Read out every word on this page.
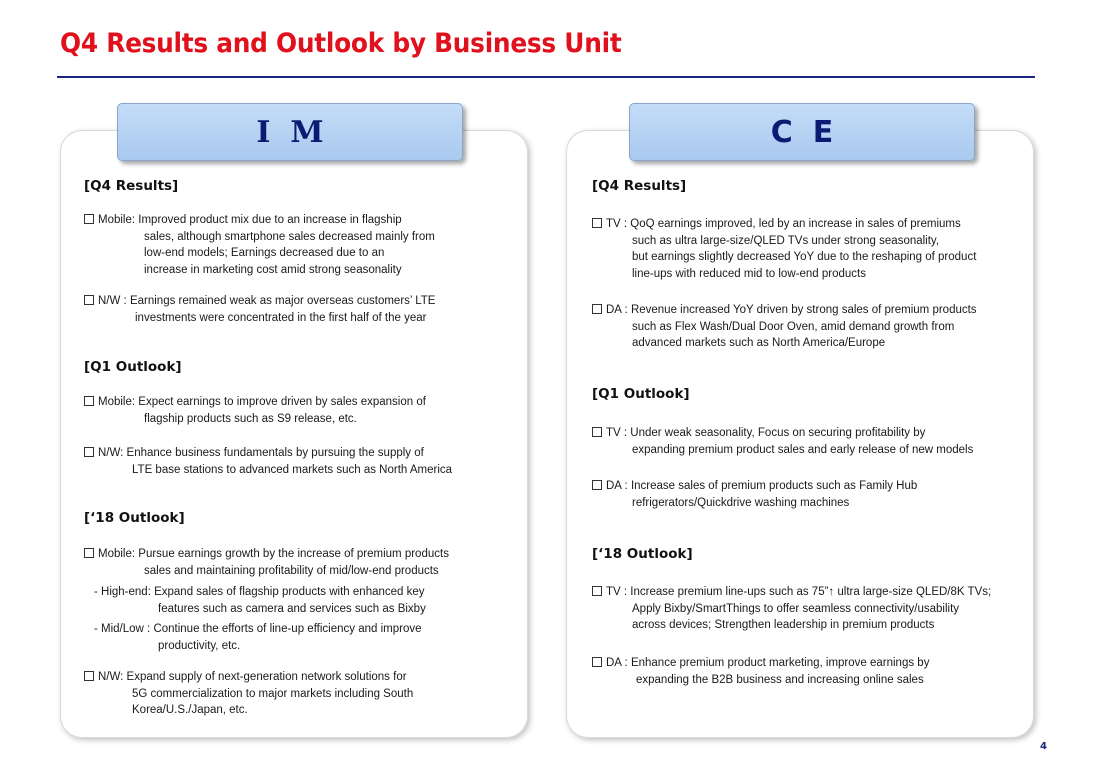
Q4 Results and Outlook by Business Unit
IM	CE
[Q4 Results]
Mobile: Improved product mix due to an increase in flagship
sales, although smartphone sales decreased mainly from
low-end models; Earnings decreased due to an
increase in marketing cost amid strong seasonality
N/W : Earnings remained weak as major overseas customers’ LTE
investments were concentrated in the first half of the year
[Q1 Outlook]
Mobile: Expect earnings to improve driven by sales expansion of
flagship products such as S9 release, etc.
N/W: Enhance business fundamentals by pursuing the supply of
LTE base stations to advanced markets such as North America
[‘18 Outlook]
Mobile: Pursue earnings growth by the increase of premium products
sales and maintaining profitability of mid/low-end products
- High-end: Expand sales of flagship products with enhanced key
features such as camera and services such as Bixby
- Mid/Low : Continue the efforts of line-up efficiency and improve
productivity, etc.
N/W: Expand supply of next-generation network solutions for
5G commercialization to major markets including South
Korea/U.S./Japan, etc.
[Q4 Results]
TV : QoQ earnings improved, led by an increase in sales of premiums
such as ultra large-size/QLED TVs under strong seasonality,
but earnings slightly decreased YoY due to the reshaping of product
line-ups with reduced mid to low-end products
DA : Revenue increased YoY driven by strong sales of premium products
such as Flex Wash/Dual Door Oven, amid demand growth from
advanced markets such as North America/Europe
[Q1 Outlook]
TV : Under weak seasonality, Focus on securing profitability by
expanding premium product sales and early release of new models
DA : Increase sales of premium products such as Family Hub
refrigerators/Quickdrive washing machines
[‘18 Outlook]
TV : Increase premium line-ups such as 75”↑ ultra large-size QLED/8K TVs;
Apply Bixby/SmartThings to offer seamless connectivity/usability
across devices; Strengthen leadership in premium products
DA : Enhance premium product marketing, improve earnings by
expanding the B2B business and increasing online sales
4
